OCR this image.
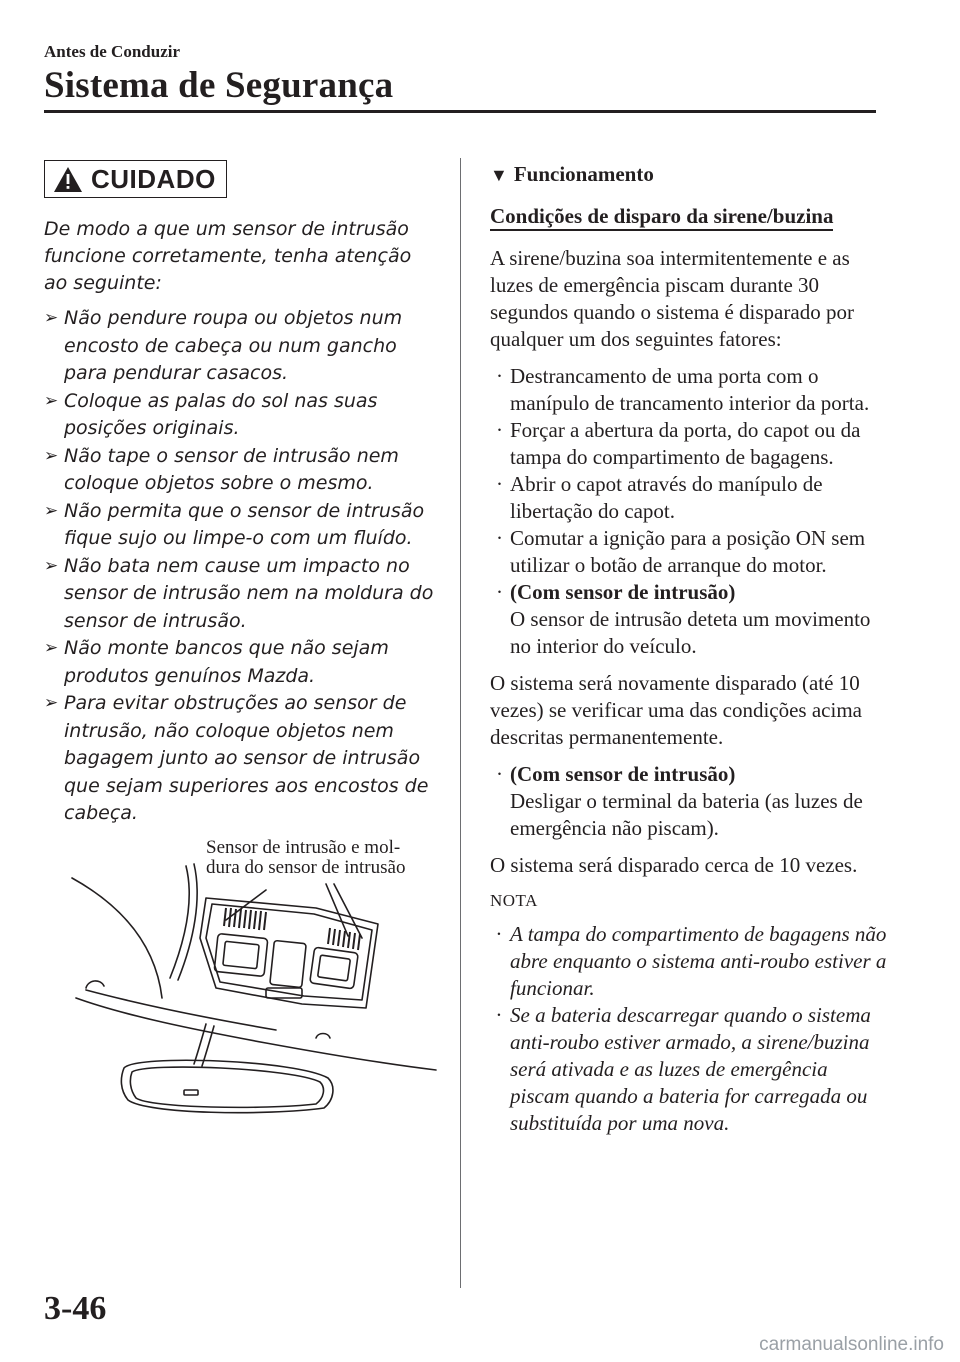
Antes de Conduzir
Sistema de Segurança
CUIDADO

De modo a que um sensor de intrusão funcione corretamente, tenha atenção ao seguinte:

➢ Não pendure roupa ou objetos num encosto de cabeça ou num gancho para pendurar casacos.
➢ Coloque as palas do sol nas suas posições originais.
➢ Não tape o sensor de intrusão nem coloque objetos sobre o mesmo.
➢ Não permita que o sensor de intrusão fique sujo ou limpe-o com um fluído.
➢ Não bata nem cause um impacto no sensor de intrusão nem na moldura do sensor de intrusão.
➢ Não monte bancos que não sejam produtos genuínos Mazda.
➢ Para evitar obstruções ao sensor de intrusão, não coloque objetos nem bagagem junto ao sensor de intrusão que sejam superiores aos encostos de cabeça.
Sensor de intrusão e mol-
dura do sensor de intrusão
▼ Funcionamento
Condições de disparo da sirene/buzina

A sirene/buzina soa intermitentemente e as luzes de emergência piscam durante 30 segundos quando o sistema é disparado por qualquer um dos seguintes fatores:

· Destrancamento de uma porta com o manípulo de trancamento interior da porta.
· Forçar a abertura da porta, do capot ou da tampa do compartimento de bagagens.
· Abrir o capot através do manípulo de libertação do capot.
· Comutar a ignição para a posição ON sem utilizar o botão de arranque do motor.
· (Com sensor de intrusão)
O sensor de intrusão deteta um movimento no interior do veículo.

O sistema será novamente disparado (até 10 vezes) se verificar uma das condições acima descritas permanentemente.

· (Com sensor de intrusão)
Desligar o terminal da bateria (as luzes de emergência não piscam).

O sistema será disparado cerca de 10 vezes.

NOTA
· A tampa do compartimento de bagagens não abre enquanto o sistema anti-roubo estiver a funcionar.
· Se a bateria descarregar quando o sistema anti-roubo estiver armado, a sirene/buzina será ativada e as luzes de emergência piscam quando a bateria for carregada ou substituída por uma nova.
3-46
carmanualsonline.info
